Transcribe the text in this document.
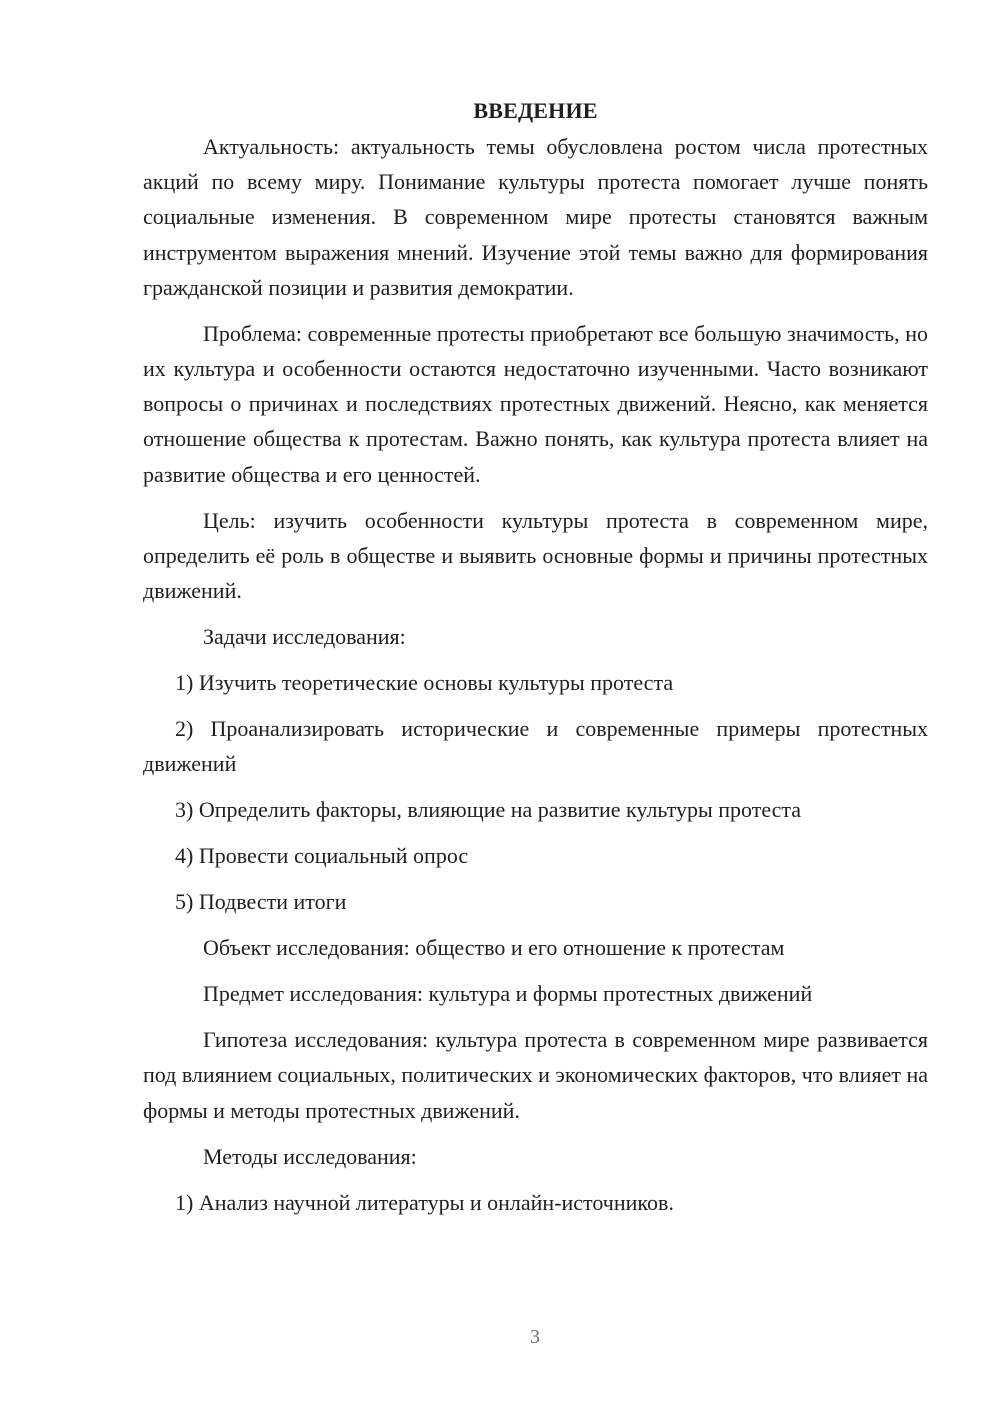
ВВЕДЕНИЕ

Актуальность: актуальность темы обусловлена ростом числа протестных акций по всему миру. Понимание культуры протеста помогает лучше понять социальные изменения. В современном мире протесты становятся важным инструментом выражения мнений. Изучение этой темы важно для формирования гражданской позиции и развития демократии.

Проблема: современные протесты приобретают все большую значимость, но их культура и особенности остаются недостаточно изученными. Часто возникают вопросы о причинах и последствиях протестных движений. Неясно, как меняется отношение общества к протестам. Важно понять, как культура протеста влияет на развитие общества и его ценностей.

Цель: изучить особенности культуры протеста в современном мире, определить её роль в обществе и выявить основные формы и причины протестных движений.

Задачи исследования:

1) Изучить теоретические основы культуры протеста

2) Проанализировать исторические и современные примеры протестных движений

3) Определить факторы, влияющие на развитие культуры протеста

4) Провести социальный опрос

5) Подвести итоги

Объект исследования: общество и его отношение к протестам

Предмет исследования: культура и формы протестных движений

Гипотеза исследования: культура протеста в современном мире развивается под влиянием социальных, политических и экономических факторов, что влияет на формы и методы протестных движений.

Методы исследования:

1) Анализ научной литературы и онлайн-источников.

3
